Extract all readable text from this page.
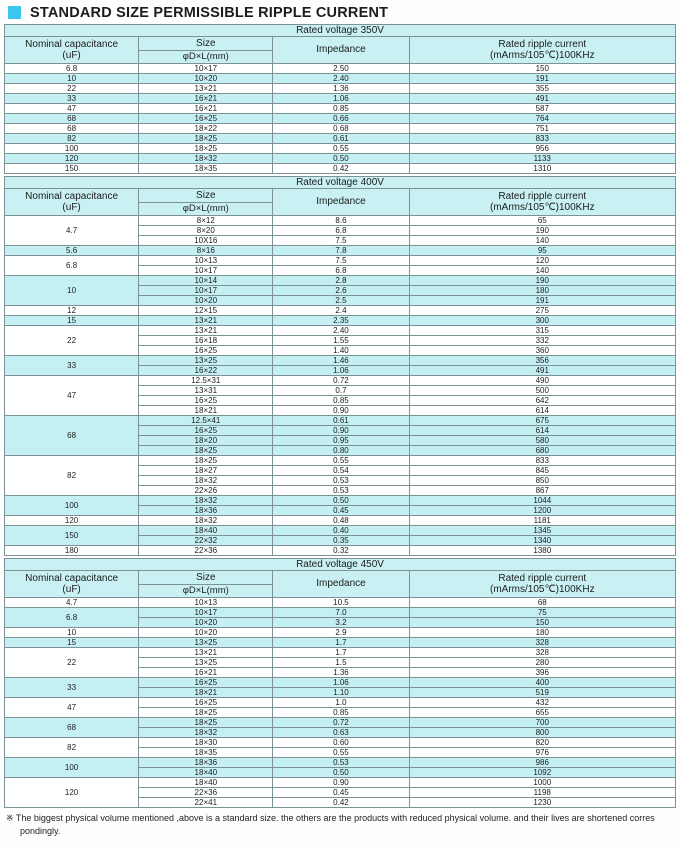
STANDARD SIZE PERMISSIBLE RIPPLE CURRENT
Rated voltage 350V			

Nominal capacitance
(uF)
	Size	Impedance	
Rated ripple current
(mArms/105℃)100KHz

	φD×L(mm)		
6.8	10×17	2.50	150
10	10×20	2.40	191
22	13×21	1.36	355
33	16×21	1.06	491
47	16×21	0.85	587
68	16×25	0.66	764
68	18×22	0.68	751
82	18×25	0.61	833
100	18×25	0.55	956
120	18×32	0.50	1133
150	18×35	0.42	1310
Rated voltage 400V			

Nominal capacitance
(uF)
	Size	Impedance	
Rated ripple current
(mArms/105℃)100KHz

	φD×L(mm)		
4.7	8×12	8.6	65
	8×20	6.8	190
	10X16	7.5	140
5.6	8×16	7.8	95
6.8	10×13	7.5	120
	10×17	6.8	140
10	10×14	2.8	190
	10×17	2.6	180
	10×20	2.5	191
12	12×15	2.4	275
15	13×21	2.35	300
22	13×21	2.40	315
	16×18	1.55	332
	16×25	1.40	360
33	13×25	1.46	356
	16×22	1.06	491
47	12.5×31	0.72	490
	13×31	0.7	500
	16×25	0.85	642
	18×21	0.90	614
68	12.5×41	0.61	675
	16×25	0.90	614
	18×20	0.95	580
	18×25	0.80	680
82	18×25	0.55	833
	18×27	0.54	845
	18×32	0.53	850
	22×26	0.53	867
100	18×32	0.50	1044
	18×36	0.45	1200
120	18×32	0.48	1181
150	18×40	0.40	1345
	22×32	0.35	1340
180	22×36	0.32	1380
Rated voltage 450V			

Nominal capacitance
(uF)
	Size	Impedance	
Rated ripple current
(mArms/105℃)100KHz

	φD×L(mm)		
4.7	10×13	10.5	68
6.8	10×17	7.0	75
	10×20	3.2	150
10	10×20	2.9	180
15	13×25	1.7	328
22	13×21	1.7	328
	13×25	1.5	280
	16×21	1.36	396
33	16×25	1.06	400
	18×21	1.10	519
47	16×25	1.0	432
	18×25	0.85	655
68	18×25	0.72	700
	18×32	0.63	800
82	18×30	0.60	820
	18×35	0.55	976
100	18×36	0.53	986
	18×40	0.50	1092
120	18×40	0.90	1000
	22×36	0.45	1198
	22×41	0.42	1230
※ The biggest physical volume mentioned ,above is a standard size. the others are the products with reduced physical volume. and their lives are shortened corres pondingly.
